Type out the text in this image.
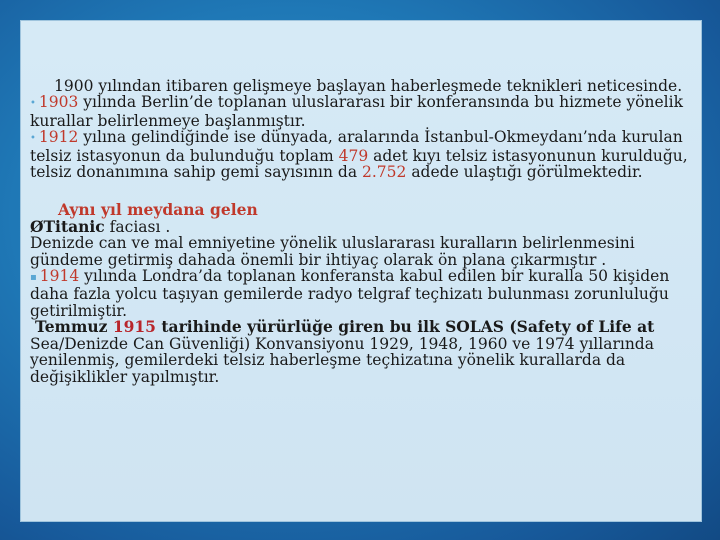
1900 yılından itibaren gelişmeye başlayan haberleşmede teknikleri neticesinde.

• 1903 yılında Berlin’de toplanan uluslararası bir konferansında bu hizmete yönelik kurallar belirlenmeye başlanmıştır.

• 1912 yılına gelindiğinde ise dünyada, aralarında İstanbul-Okmeydanı’nda kurulan telsiz istasyonun da bulunduğu toplam 479 adet kıyı telsiz istasyonunun kurulduğu, telsiz donanımına sahip gemi sayısının da 2.752 adede ulaştığı görülmektedir.

Aynı yıl meydana gelen

ØTitanic faciası .

Denizde can ve mal emniyetine yönelik uluslararası kuralların belirlenmesini gündeme getirmiş dahada önemli bir ihtiyaç olarak ön plana çıkarmıştır .

▪ 1914 yılında Londra’da toplanan konferansta kabul edilen bir kuralla 50 kişiden daha fazla yolcu taşıyan gemilerde radyo telgraf teçhizatı bulunması zorunluluğu getirilmiştir.

Temmuz 1915 tarihinde yürürlüğe giren bu ilk SOLAS (Safety of Life at
Sea/Denizde Can Güvenliği) Konvansiyonu 1929, 1948, 1960 ve 1974 yıllarında yenilenmiş, gemilerdeki telsiz haberleşme teçhizatına yönelik kurallarda da değişiklikler yapılmıştır.
